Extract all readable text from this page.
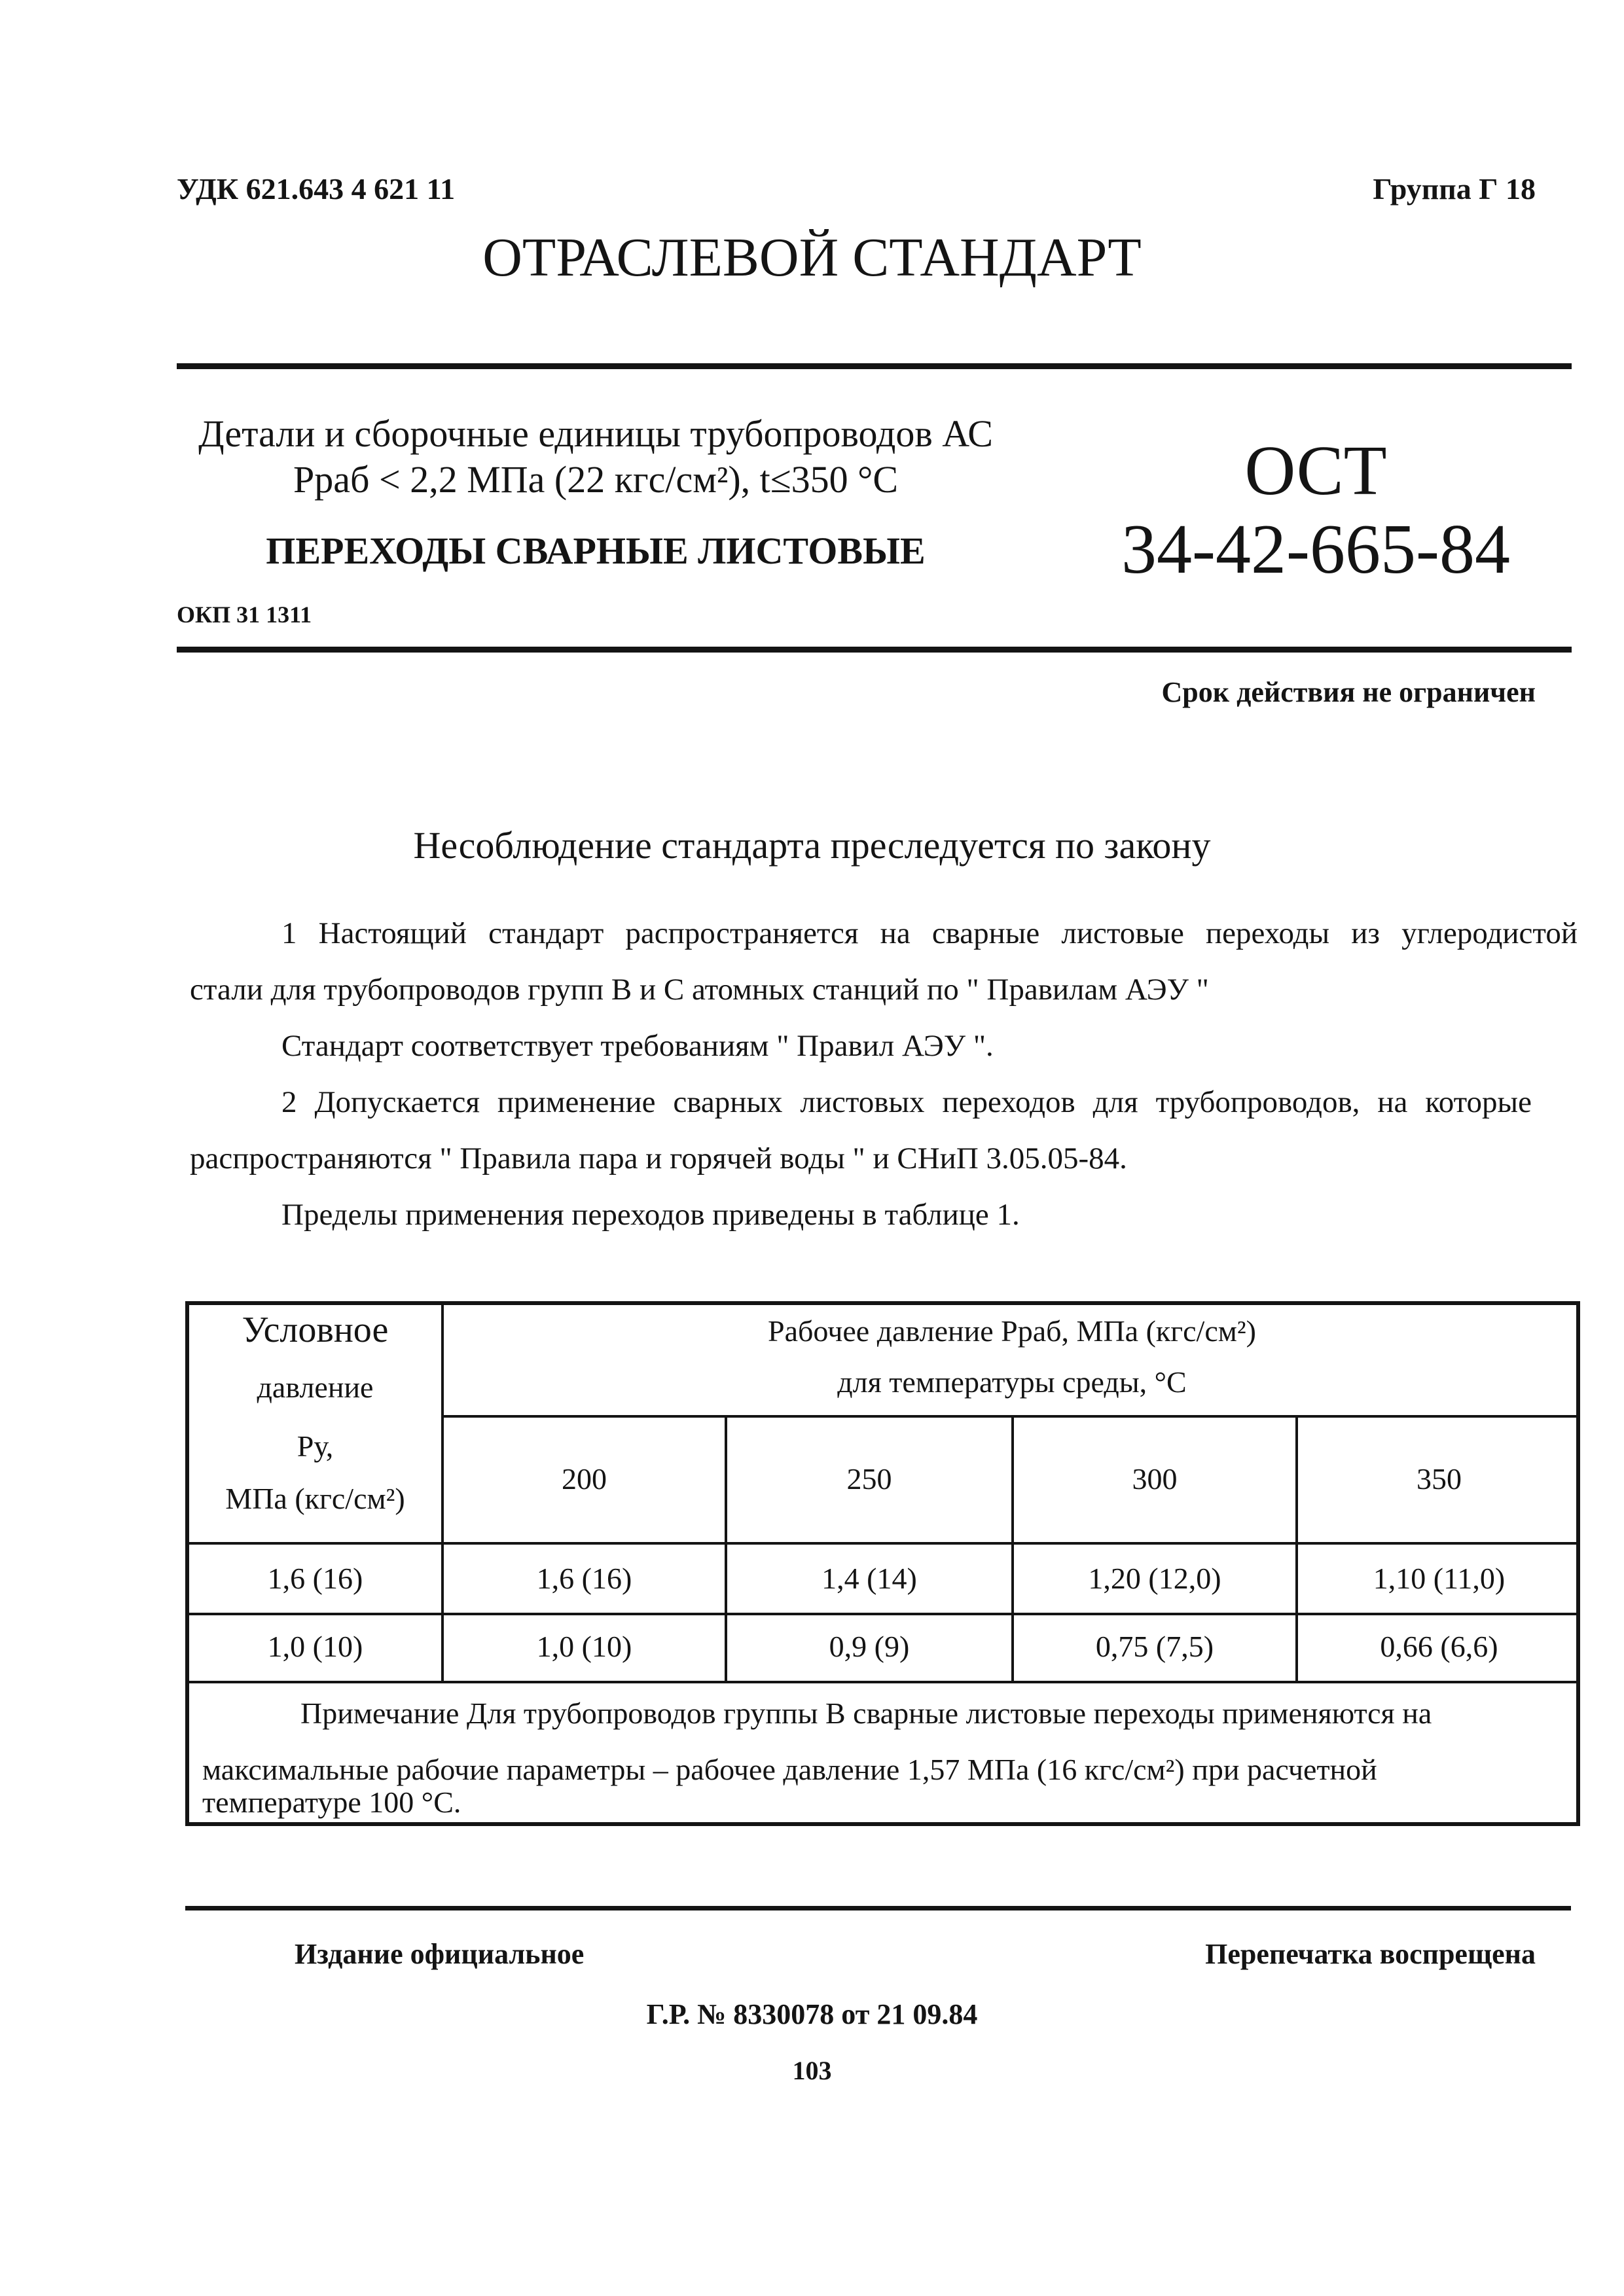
УДК 621.643 4 621 11	Группа Г 18
ОТРАСЛЕВОЙ СТАНДАРТ
Детали и сборочные единицы трубопроводов АС
Рраб < 2,2 МПа (22 кгс/см²), t≤350 °С
ПЕРЕХОДЫ СВАРНЫЕ ЛИСТОВЫЕ
ОКП 31 1311
ОСТ
34-42-665-84
Срок действия не ограничен
Несоблюдение стандарта преследуется по закону
1 Настоящий стандарт распространяется на сварные листовые переходы из углеродистой
стали для трубопроводов групп В и С атомных станций по " Правилам АЭУ "
Стандарт соответствует требованиям " Правил АЭУ ".
2 Допускается применение сварных листовых переходов для трубопроводов, на которые
распространяются " Правила пара и горячей воды " и СНиП 3.05.05-84.
Пределы применения переходов приведены в таблице 1.
Условное
давление
Ру,
МПа (кгс/см²)
Рабочее давление Рраб, МПа (кгс/см²)
для температуры среды, °С
200	250	300	350
1,6 (16)	1,6 (16)	1,4 (14)	1,20 (12,0)	1,10 (11,0)
1,0 (10)	1,0 (10)	0,9 (9)	0,75 (7,5)	0,66 (6,6)
Примечание Для трубопроводов группы В сварные листовые переходы применяются на
максимальные рабочие параметры – рабочее давление 1,57 МПа (16 кгс/см²) при расчетной
температуре 100 °С.
Издание официальное	Перепечатка воспрещена
Г.Р. № 8330078 от 21 09.84
103
